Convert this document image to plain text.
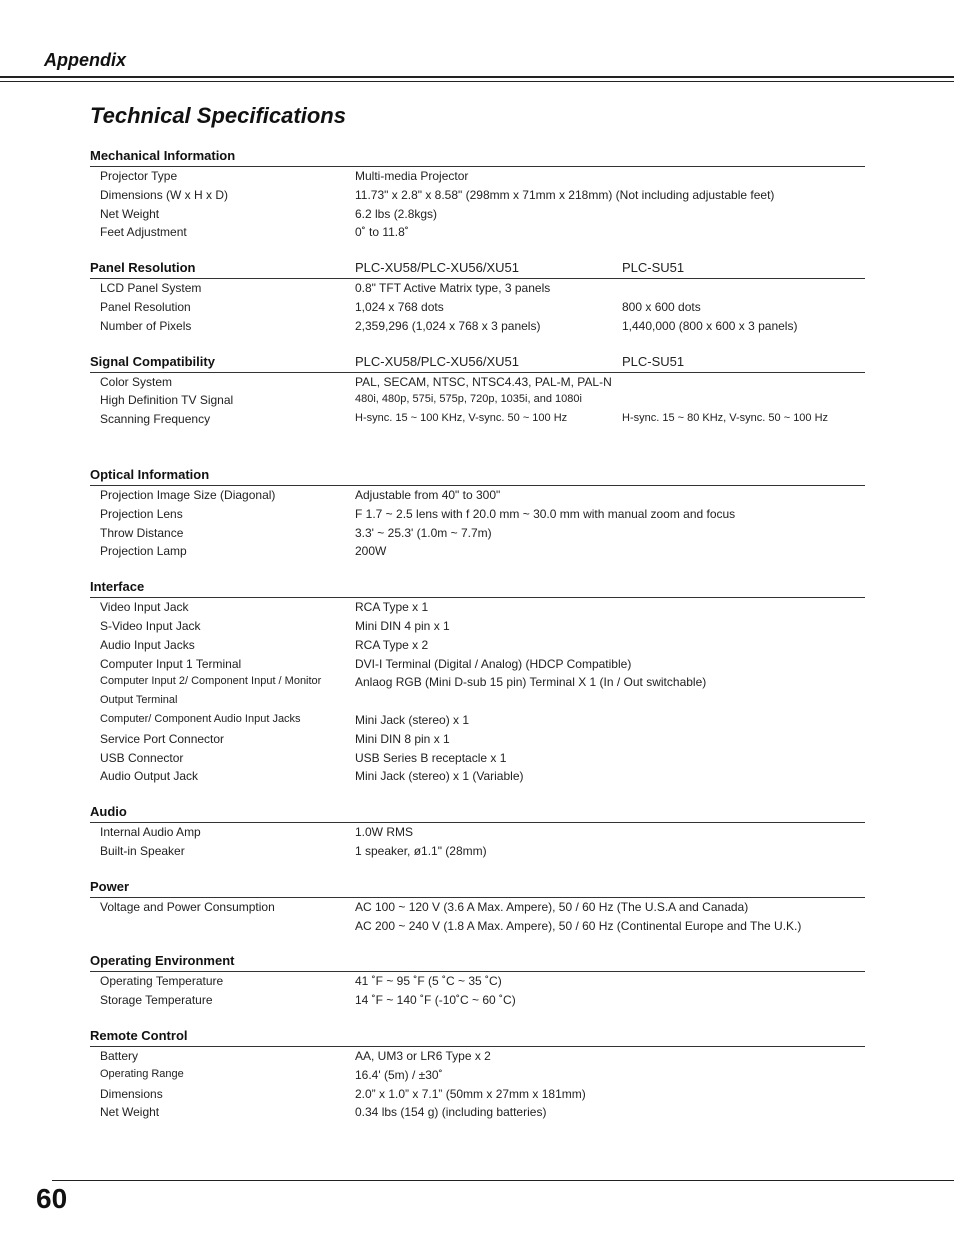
Appendix
Technical Specifications
Mechanical Information
Projector Type	Multi-media Projector
Dimensions (W x H x D)	11.73" x 2.8" x 8.58" (298mm x 71mm x 218mm) (Not including adjustable feet)
Net Weight	6.2 lbs (2.8kgs)
Feet Adjustment	0˚ to 11.8˚
Panel Resolution	PLC-XU58/PLC-XU56/XU51	PLC-SU51
LCD Panel System	0.8" TFT Active Matrix type, 3 panels
Panel Resolution	1,024 x 768 dots	800 x 600 dots
Number of Pixels	2,359,296 (1,024 x 768 x 3 panels)	1,440,000 (800 x 600 x 3 panels)
Signal Compatibility	PLC-XU58/PLC-XU56/XU51	PLC-SU51
Color System	PAL, SECAM, NTSC, NTSC4.43, PAL-M, PAL-N
High Definition TV Signal	480i, 480p, 575i, 575p, 720p, 1035i, and 1080i
Scanning Frequency	H-sync. 15 ~ 100 KHz, V-sync. 50 ~ 100 Hz	H-sync. 15 ~ 80 KHz, V-sync. 50 ~ 100 Hz
Optical Information
Projection Image Size (Diagonal)	Adjustable from 40" to 300"
Projection Lens	F 1.7 ~ 2.5 lens with f 20.0 mm ~ 30.0 mm with manual zoom and focus
Throw Distance	3.3' ~ 25.3' (1.0m ~ 7.7m)
Projection Lamp	200W
Interface
Video Input Jack	RCA Type x 1
S-Video Input Jack	Mini DIN 4 pin x 1
Audio Input Jacks	RCA Type x 2
Computer Input 1 Terminal	DVI-I Terminal (Digital / Analog) (HDCP Compatible)
Computer Input 2/ Component Input / Monitor	Anlaog RGB (Mini D-sub 15 pin) Terminal X 1 (In / Out switchable)
Output Terminal
Computer/ Component Audio Input Jacks	Mini Jack (stereo) x 1
Service Port Connector	Mini DIN 8 pin x 1
USB Connector	USB Series B receptacle x 1
Audio Output Jack	Mini Jack (stereo) x 1 (Variable)
Audio
Internal Audio Amp	1.0W RMS
Built-in Speaker	1 speaker, ø1.1" (28mm)
Power
Voltage and Power Consumption	AC 100 ~ 120 V (3.6 A Max. Ampere), 50 / 60 Hz (The U.S.A and Canada)
AC 200 ~ 240 V (1.8 A Max. Ampere), 50 / 60 Hz (Continental Europe and The U.K.)
Operating Environment
Operating Temperature	41 ˚F ~ 95 ˚F (5 ˚C ~ 35 ˚C)
Storage Temperature	14 ˚F ~ 140 ˚F (-10˚C ~ 60 ˚C)
Remote Control
Battery	AA, UM3 or LR6 Type x 2
Operating Range	16.4' (5m) / ±30˚
Dimensions	2.0” x 1.0” x 7.1” (50mm x 27mm x 181mm)
Net Weight	0.34 lbs (154 g) (including batteries)
60
